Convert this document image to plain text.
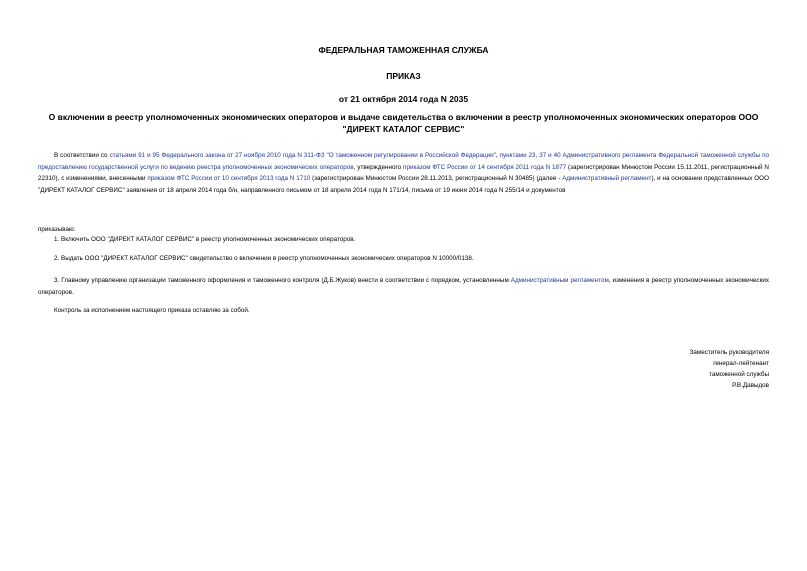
ФЕДЕРАЛЬНАЯ ТАМОЖЕННАЯ СЛУЖБА
ПРИКАЗ
от 21 октября 2014 года N 2035
О включении в реестр уполномоченных экономических операторов и выдаче свидетельства о включении в реестр уполномоченных экономических операторов ООО "ДИРЕКТ КАТАЛОГ СЕРВИС"
В соответствии со статьями 91 и 95 Федерального закона от 27 ноября 2010 года N 311-ФЗ "О таможенном регулировании в Российской Федерации", пунктами 23, 37 и 40 Административного регламента Федеральной таможенной службы по предоставлению государственной услуги по ведению реестра уполномоченных экономических операторов, утвержденного приказом ФТС России от 14 сентября 2011 года N 1877 (зарегистрирован Минюстом России 15.11.2011, регистрационный N 22310), с изменениями, внесенными приказом ФТС России от 10 сентября 2013 года N 1710 (зарегистрирован Минюстом России 28.11.2013, регистрационный N 30485) (далее - Административный регламент), и на основании представленных ООО "ДИРЕКТ КАТАЛОГ СЕРВИС" заявления от 18 апреля 2014 года б/н, направленного письмом от 18 апреля 2014 года N 171/14, письма от 19 июня 2014 года N 255/14 и документов
приказываю:
1. Включить ООО "ДИРЕКТ КАТАЛОГ СЕРВИС" в реестр уполномоченных экономических операторов.
2. Выдать ООО "ДИРЕКТ КАТАЛОГ СЕРВИС" свидетельство о включении в реестр уполномоченных экономических операторов N 10000/0138.
3. Главному управлению организации таможенного оформления и таможенного контроля (Д.Б.Жуков) внести в соответствии с порядком, установленным Административным регламентом, изменения в реестр уполномоченных экономических операторов.
Контроль за исполнением настоящего приказа оставляю за собой.
Заместитель руководителя
генерал-лейтенант
таможенной службы
Р.В.Давыдов
